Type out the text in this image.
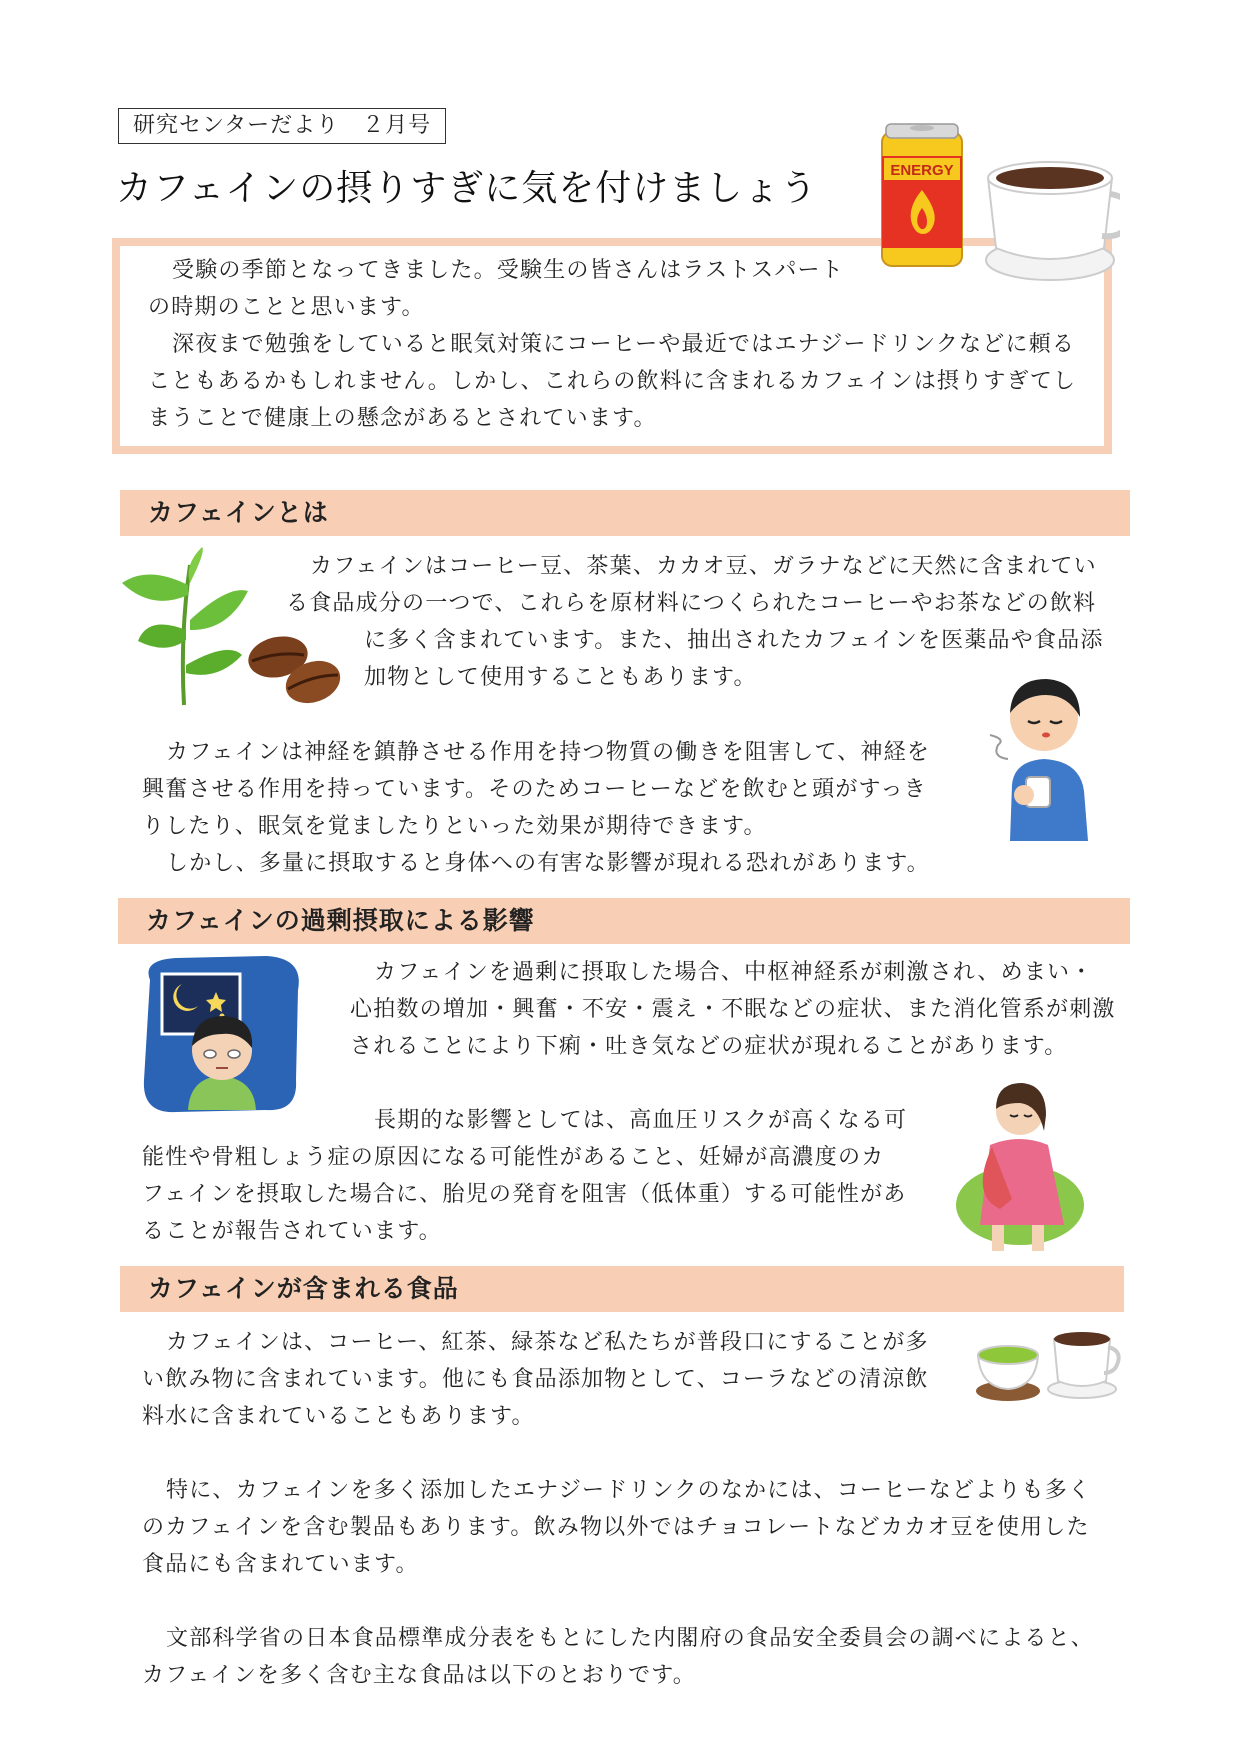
研究センターだより　２月号
カフェインの摂りすぎに気を付けましょう
受験の季節となってきました。受験生の皆さんはラストスパート
の時期のことと思います。
深夜まで勉強をしていると眠気対策にコーヒーや最近ではエナジードリンクなどに頼る
こともあるかもしれません。しかし、これらの飲料に含まれるカフェインは摂りすぎてし
まうことで健康上の懸念があるとされています。
ENERGY
カフェインとは
カフェインはコーヒー豆、茶葉、カカオ豆、ガラナなどに天然に含まれてい
る食品成分の一つで、これらを原材料につくられたコーヒーやお茶などの飲料
に多く含まれています。また、抽出されたカフェインを医薬品や食品添
加物として使用することもあります。
カフェインは神経を鎮静させる作用を持つ物質の働きを阻害して、神経を
興奮させる作用を持っています。そのためコーヒーなどを飲むと頭がすっき
りしたり、眠気を覚ましたりといった効果が期待できます。
しかし、多量に摂取すると身体への有害な影響が現れる恐れがあります。
カフェインの過剰摂取による影響
カフェインを過剰に摂取した場合、中枢神経系が刺激され、めまい・
心拍数の増加・興奮・不安・震え・不眠などの症状、また消化管系が刺激
されることにより下痢・吐き気などの症状が現れることがあります。
長期的な影響としては、高血圧リスクが高くなる可
能性や骨粗しょう症の原因になる可能性があること、妊婦が高濃度のカ
フェインを摂取した場合に、胎児の発育を阻害（低体重）する可能性があ
ることが報告されています。
カフェインが含まれる食品
カフェインは、コーヒー、紅茶、緑茶など私たちが普段口にすることが多
い飲み物に含まれています。他にも食品添加物として、コーラなどの清涼飲
料水に含まれていることもあります。
特に、カフェインを多く添加したエナジードリンクのなかには、コーヒーなどよりも多く
のカフェインを含む製品もあります。飲み物以外ではチョコレートなどカカオ豆を使用した
食品にも含まれています。
文部科学省の日本食品標準成分表をもとにした内閣府の食品安全委員会の調べによると、
カフェインを多く含む主な食品は以下のとおりです。
